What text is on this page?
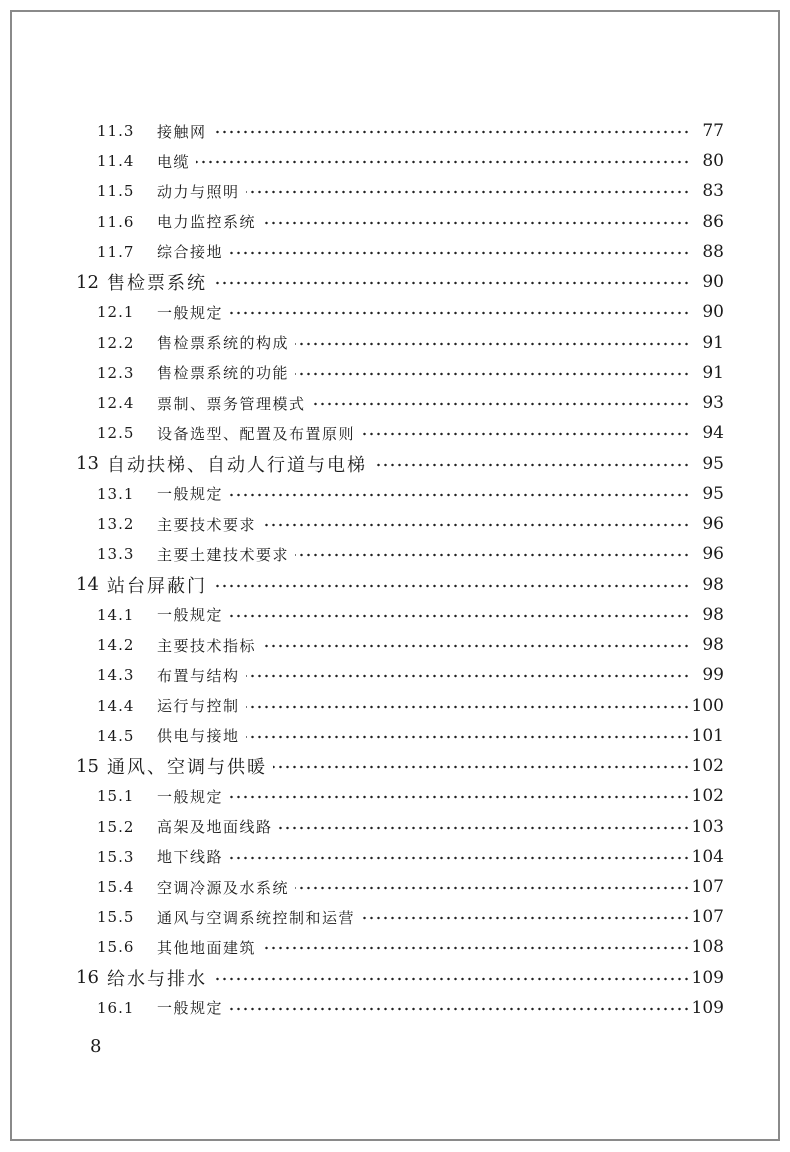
11.3 接触网	77
11.4 电缆	80
11.5 动力与照明	83
11.6 电力监控系统	86
11.7 综合接地	88
12 售检票系统	90
12.1 一般规定	90
12.2 售检票系统的构成	91
12.3 售检票系统的功能	91
12.4 票制、票务管理模式	93
12.5 设备选型、配置及布置原则	94
13 自动扶梯、自动人行道与电梯	95
13.1 一般规定	95
13.2 主要技术要求	96
13.3 主要土建技术要求	96
14 站台屏蔽门	98
14.1 一般规定	98
14.2 主要技术指标	98
14.3 布置与结构	99
14.4 运行与控制	100
14.5 供电与接地	101
15 通风、空调与供暖	102
15.1 一般规定	102
15.2 高架及地面线路	103
15.3 地下线路	104
15.4 空调冷源及水系统	107
15.5 通风与空调系统控制和运营	107
15.6 其他地面建筑	108
16 给水与排水	109
16.1 一般规定	109
8
